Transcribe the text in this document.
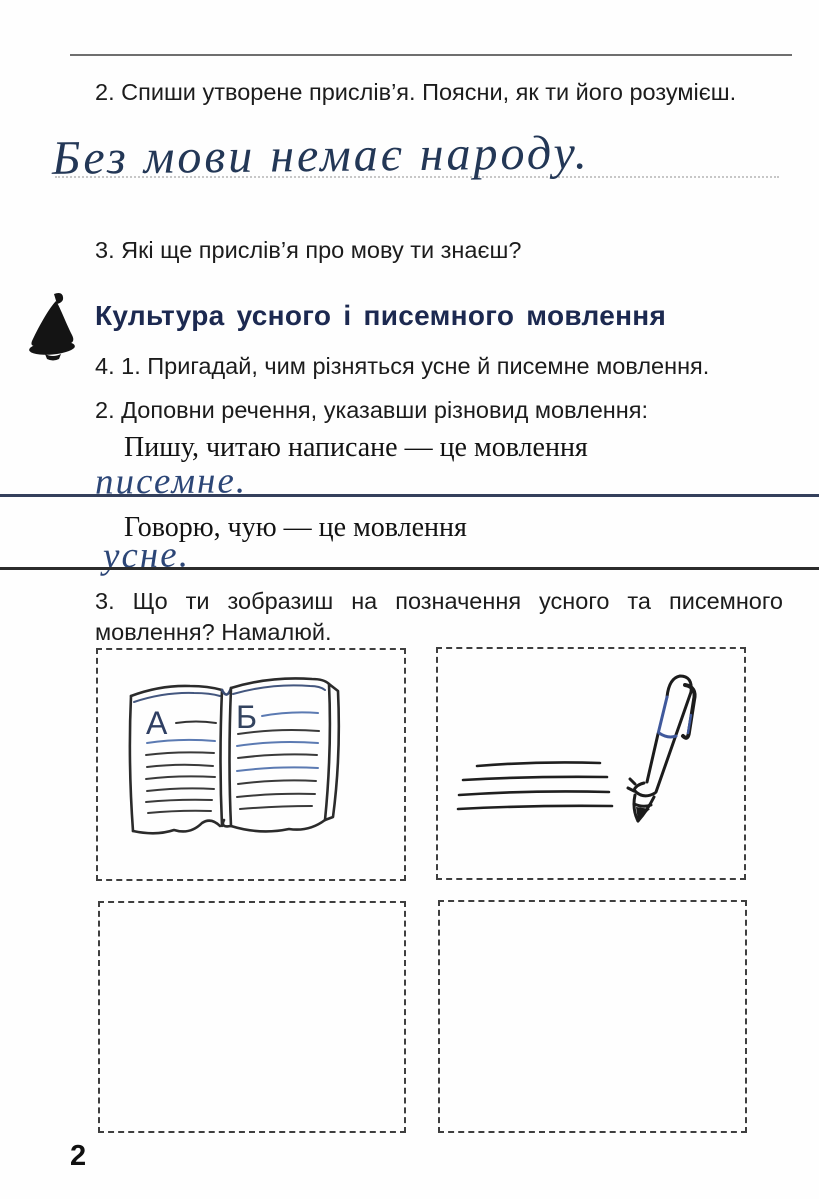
2. Спиши утворене прислів’я. Поясни, як ти його розумієш.
Без мови немає народу.
3. Які ще прислів’я про мову ти знаєш?
Культура усного і писемного мовлення
4. 1. Пригадай, чим різняться усне й писемне мовлення.
2. Доповни речення, указавши різновид мовлення:
Пишу, читаю написане — це мовлення
писемне.
Говорю, чую — це мовлення
усне.
3. Що ти зобразиш на позначення усного та писемного мовлення? Намалюй.
А Б
2
